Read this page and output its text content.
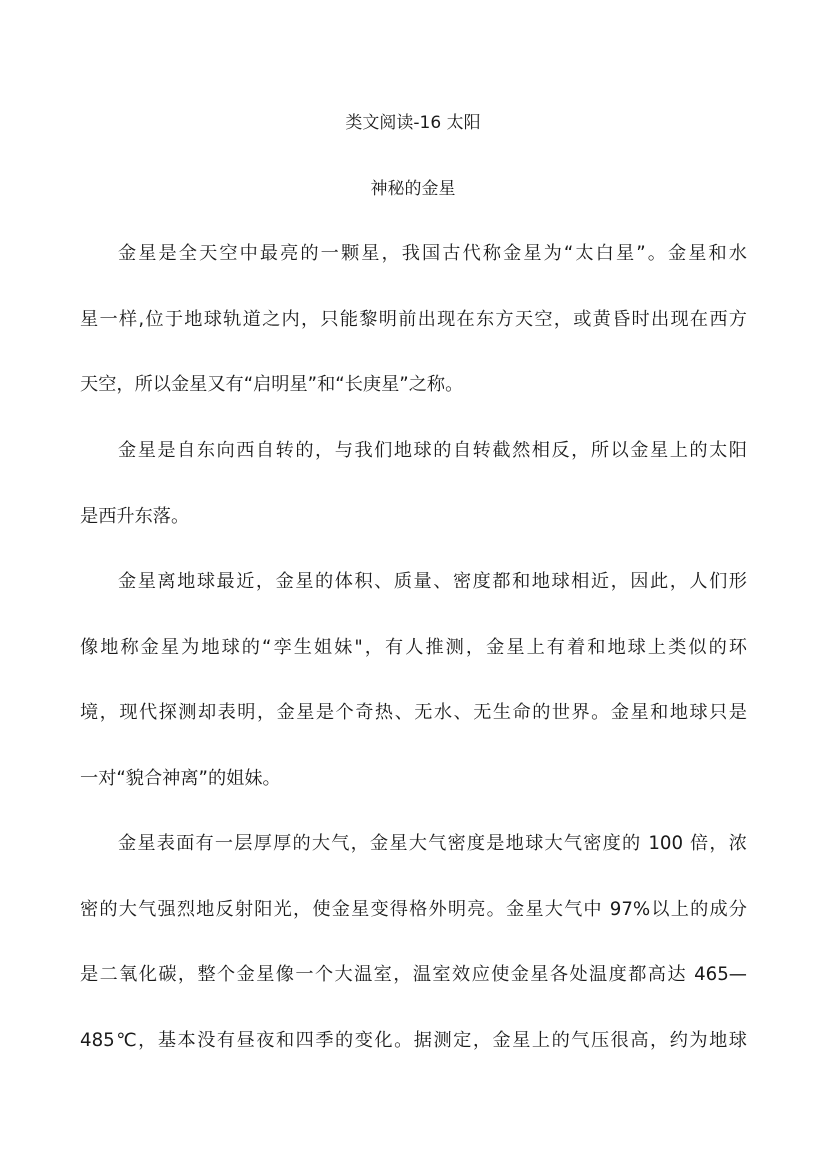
类文阅读-16 太阳
神秘的金星
金星是全天空中最亮的一颗星，我国古代称金星为“太白星”。金星和水
星一样,位于地球轨道之内，只能黎明前出现在东方天空，或黄昏时出现在西方
天空，所以金星又有“启明星”和“长庚星”之称。
金星是自东向西自转的，与我们地球的自转截然相反，所以金星上的太阳
是西升东落。
金星离地球最近，金星的体积、质量、密度都和地球相近，因此，人们形
像地称金星为地球的“孪生姐妹"，有人推测，金星上有着和地球上类似的环
境，现代探测却表明，金星是个奇热、无水、无生命的世界。金星和地球只是
一对“貌合神离”的姐妹。
金星表面有一层厚厚的大气，金星大气密度是地球大气密度的 100 倍，浓
密的大气强烈地反射阳光，使金星变得格外明亮。金星大气中 97%以上的成分
是二氧化碳，整个金星像一个大温室，温室效应使金星各处温度都高达 465—
485℃，基本没有昼夜和四季的变化。据测定，金星上的气压很高，约为地球
